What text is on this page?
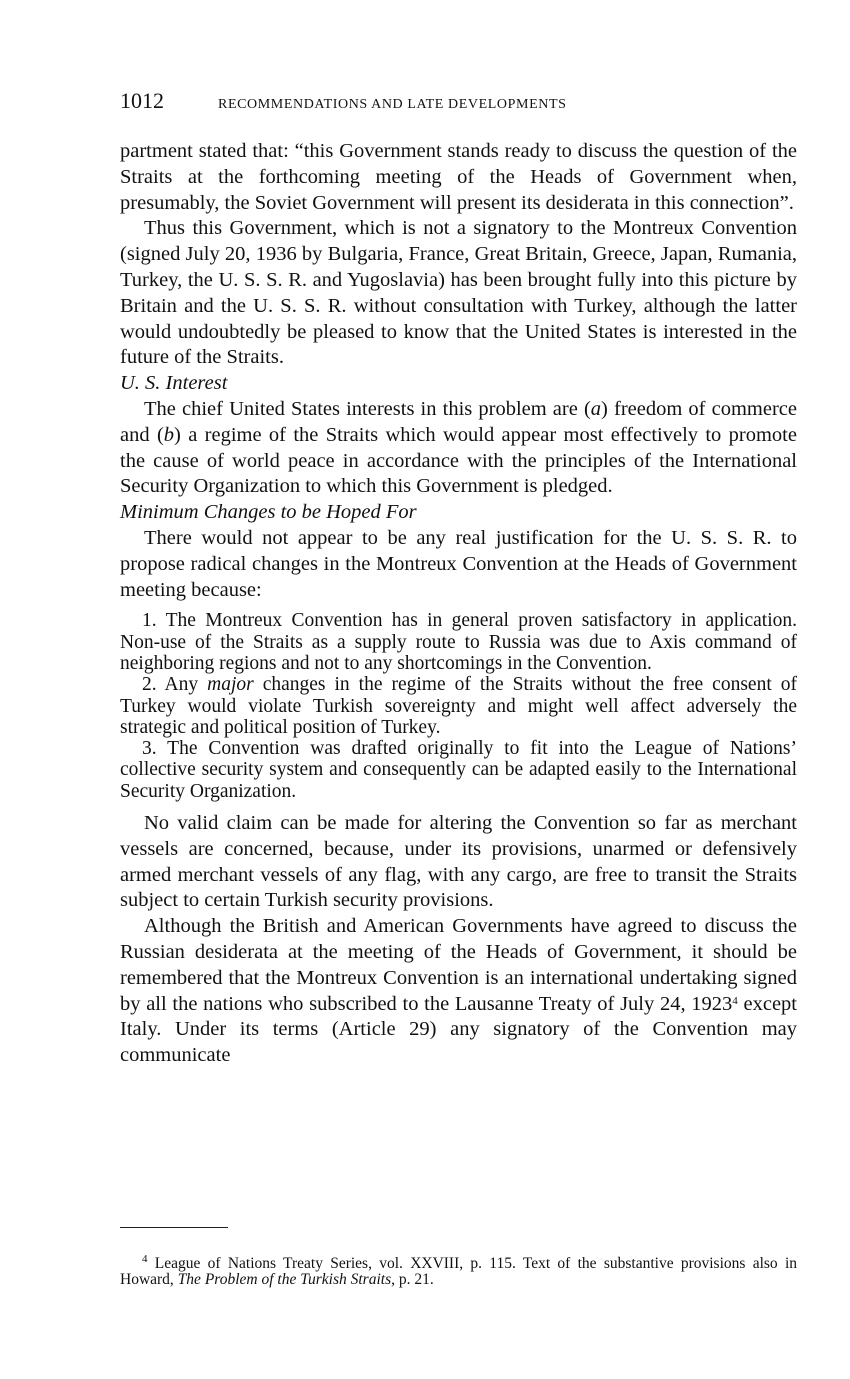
1012	RECOMMENDATIONS AND LATE DEVELOPMENTS

partment stated that: “this Government stands ready to discuss the question of the Straits at the forthcoming meeting of the Heads of Government when, presumably, the Soviet Government will present its desiderata in this connection”.

Thus this Government, which is not a signatory to the Montreux Convention (signed July 20, 1936 by Bulgaria, France, Great Britain, Greece, Japan, Rumania, Turkey, the U. S. S. R. and Yugoslavia) has been brought fully into this picture by Britain and the U. S. S. R. without consultation with Turkey, although the latter would undoubtedly be pleased to know that the United States is interested in the future of the Straits.

U. S. Interest

The chief United States interests in this problem are (a) freedom of commerce and (b) a regime of the Straits which would appear most effectively to promote the cause of world peace in accordance with the principles of the International Security Organization to which this Government is pledged.

Minimum Changes to be Hoped For

There would not appear to be any real justification for the U. S. S. R. to propose radical changes in the Montreux Convention at the Heads of Government meeting because:

1. The Montreux Convention has in general proven satisfactory in application. Non-use of the Straits as a supply route to Russia was due to Axis command of neighboring regions and not to any shortcomings in the Convention.

2. Any major changes in the regime of the Straits without the free consent of Turkey would violate Turkish sovereignty and might well affect adversely the strategic and political position of Turkey.

3. The Convention was drafted originally to fit into the League of Nations’ collective security system and consequently can be adapted easily to the International Security Organization.

No valid claim can be made for altering the Convention so far as merchant vessels are concerned, because, under its provisions, unarmed or defensively armed merchant vessels of any flag, with any cargo, are free to transit the Straits subject to certain Turkish security provisions.

Although the British and American Governments have agreed to discuss the Russian desiderata at the meeting of the Heads of Government, it should be remembered that the Montreux Convention is an international undertaking signed by all the nations who subscribed to the Lausanne Treaty of July 24, 1923$^4$ except Italy. Under its terms (Article 29) any signatory of the Convention may communicate

$^4$ League of Nations Treaty Series, vol. XXVIII, p. 115. Text of the substantive provisions also in Howard, The Problem of the Turkish Straits, p. 21.
